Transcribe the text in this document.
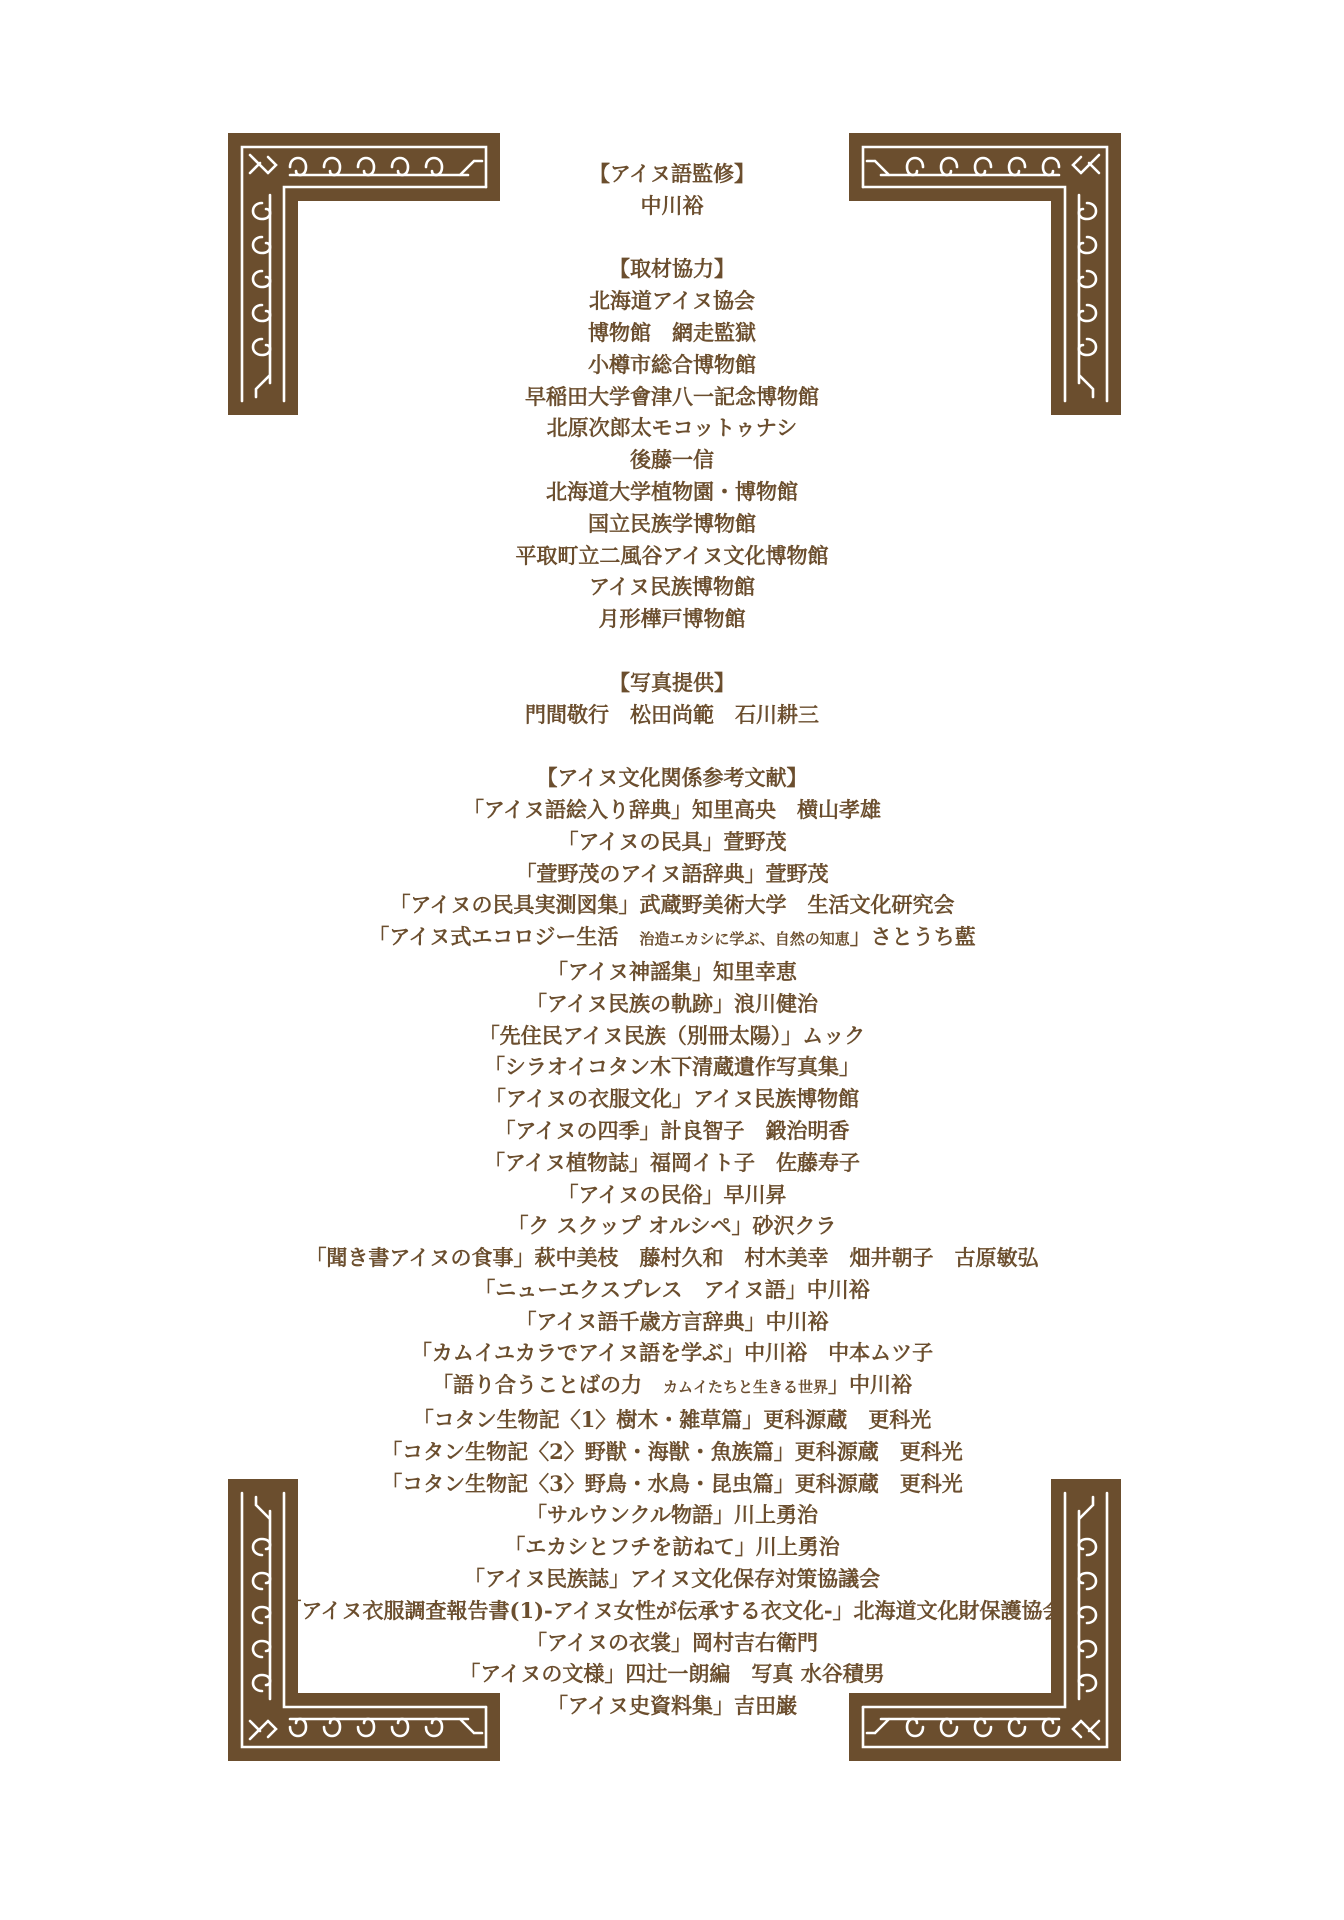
【アイヌ語監修】
中川裕
【取材協力】
北海道アイヌ協会
博物館　網走監獄
小樽市総合博物館
早稲田大学會津八一記念博物館
北原次郎太モコットゥナシ
後藤一信
北海道大学植物園・博物館
国立民族学博物館
平取町立二風谷アイヌ文化博物館
アイヌ民族博物館
月形樺戸博物館
【写真提供】
門間敬行　松田尚範　石川耕三
【アイヌ文化関係参考文献】
「アイヌ語絵入り辞典」知里高央　横山孝雄
「アイヌの民具」萱野茂
「萱野茂のアイヌ語辞典」萱野茂
「アイヌの民具実測図集」武蔵野美術大学　生活文化研究会
「アイヌ式エコロジー生活　 治造エカシに学ぶ、自然の知恵」さとうち藍
「アイヌ神謡集」知里幸恵
「アイヌ民族の軌跡」浪川健治
「先住民アイヌ民族（別冊太陽）」ムック
「シラオイコタン木下清蔵遺作写真集」
「アイヌの衣服文化」アイヌ民族博物館
「アイヌの四季」計良智子　鍛治明香
「アイヌ植物誌」福岡イト子　佐藤寿子
「アイヌの民俗」早川昇
「ク スクップ オルシペ」砂沢クラ
「聞き書アイヌの食事」萩中美枝　藤村久和　村木美幸　畑井朝子　古原敏弘
「ニューエクスプレス　アイヌ語」中川裕
「アイヌ語千歳方言辞典」中川裕
「カムイユカラでアイヌ語を学ぶ」中川裕　中本ムツ子
「語り合うことばの力　 カムイたちと生きる世界」中川裕
「コタン生物記〈1〉樹木・雑草篇」更科源蔵　更科光
「コタン生物記〈2〉野獣・海獣・魚族篇」更科源蔵　更科光
「コタン生物記〈3〉野鳥・水鳥・昆虫篇」更科源蔵　更科光
「サルウンクル物語」川上勇治
「エカシとフチを訪ねて」川上勇治
「アイヌ民族誌」アイヌ文化保存対策協議会
「アイヌ衣服調査報告書(1)‐アイヌ女性が伝承する衣文化‐」北海道文化財保護協会
「アイヌの衣裳」岡村吉右衛門
「アイヌの文様」四辻一朗編　写真 水谷積男
「アイヌ史資料集」吉田巌
